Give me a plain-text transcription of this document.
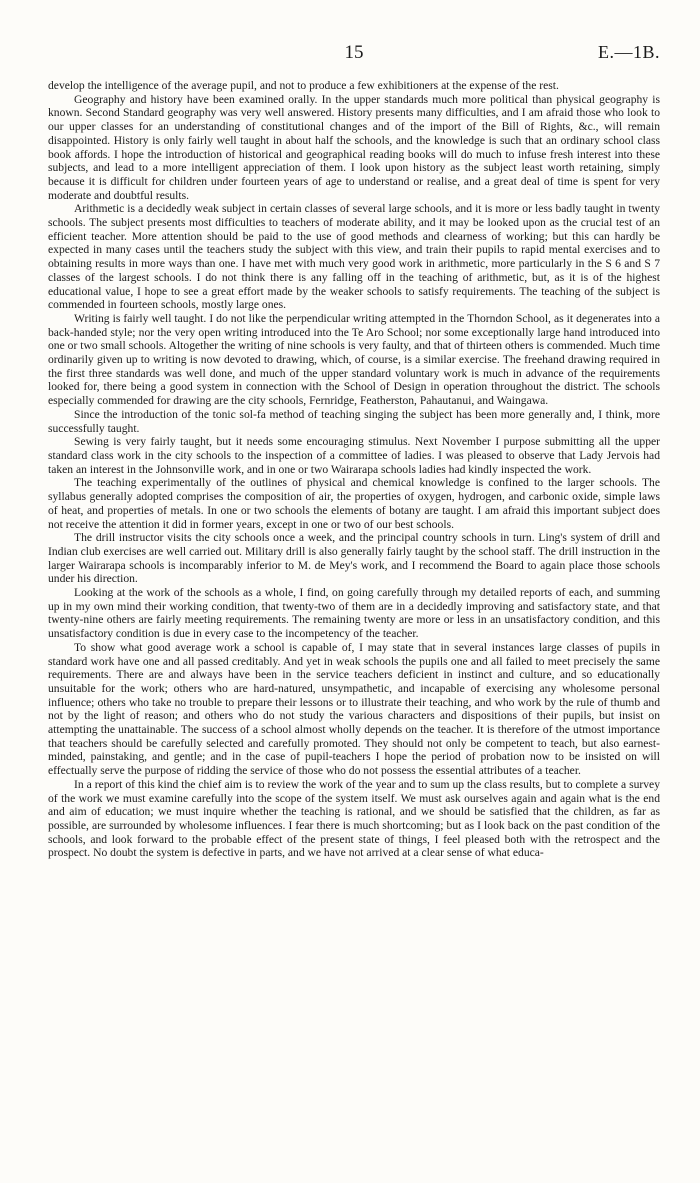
15	E.—1B.

develop the intelligence of the average pupil, and not to produce a few exhibitioners at the expense of the rest.

Geography and history have been examined orally. In the upper standards much more political than physical geography is known. Second Standard geography was very well answered. History presents many difficulties, and I am afraid those who look to our upper classes for an understanding of constitutional changes and of the import of the Bill of Rights, &c., will remain disappointed. History is only fairly well taught in about half the schools, and the knowledge is such that an ordinary school class book affords. I hope the introduction of historical and geographical reading books will do much to infuse fresh interest into these subjects, and lead to a more intelligent appreciation of them. I look upon history as the subject least worth retaining, simply because it is difficult for children under fourteen years of age to understand or realise, and a great deal of time is spent for very moderate and doubtful results.

Arithmetic is a decidedly weak subject in certain classes of several large schools, and it is more or less badly taught in twenty schools. The subject presents most difficulties to teachers of moderate ability, and it may be looked upon as the crucial test of an efficient teacher. More attention should be paid to the use of good methods and clearness of working; but this can hardly be expected in many cases until the teachers study the subject with this view, and train their pupils to rapid mental exercises and to obtaining results in more ways than one. I have met with much very good work in arithmetic, more particularly in the S 6 and S 7 classes of the largest schools. I do not think there is any falling off in the teaching of arithmetic, but, as it is of the highest educational value, I hope to see a great effort made by the weaker schools to satisfy requirements. The teaching of the subject is commended in fourteen schools, mostly large ones.

Writing is fairly well taught. I do not like the perpendicular writing attempted in the Thorndon School, as it degenerates into a back-handed style; nor the very open writing introduced into the Te Aro School; nor some exceptionally large hand introduced into one or two small schools. Altogether the writing of nine schools is very faulty, and that of thirteen others is commended. Much time ordinarily given up to writing is now devoted to drawing, which, of course, is a similar exercise. The freehand drawing required in the first three standards was well done, and much of the upper standard voluntary work is much in advance of the requirements looked for, there being a good system in connection with the School of Design in operation throughout the district. The schools especially commended for drawing are the city schools, Fernridge, Featherston, Pahautanui, and Waingawa.

Since the introduction of the tonic sol-fa method of teaching singing the subject has been more generally and, I think, more successfully taught.

Sewing is very fairly taught, but it needs some encouraging stimulus. Next November I purpose submitting all the upper standard class work in the city schools to the inspection of a committee of ladies. I was pleased to observe that Lady Jervois had taken an interest in the Johnsonville work, and in one or two Wairarapa schools ladies had kindly inspected the work.

The teaching experimentally of the outlines of physical and chemical knowledge is confined to the larger schools. The syllabus generally adopted comprises the composition of air, the properties of oxygen, hydrogen, and carbonic oxide, simple laws of heat, and properties of metals. In one or two schools the elements of botany are taught. I am afraid this important subject does not receive the attention it did in former years, except in one or two of our best schools.

The drill instructor visits the city schools once a week, and the principal country schools in turn. Ling's system of drill and Indian club exercises are well carried out. Military drill is also generally fairly taught by the school staff. The drill instruction in the larger Wairarapa schools is incomparably inferior to M. de Mey's work, and I recommend the Board to again place those schools under his direction.

Looking at the work of the schools as a whole, I find, on going carefully through my detailed reports of each, and summing up in my own mind their working condition, that twenty-two of them are in a decidedly improving and satisfactory state, and that twenty-nine others are fairly meeting requirements. The remaining twenty are more or less in an unsatisfactory condition, and this unsatisfactory condition is due in every case to the incompetency of the teacher.

To show what good average work a school is capable of, I may state that in several instances large classes of pupils in standard work have one and all passed creditably. And yet in weak schools the pupils one and all failed to meet precisely the same requirements. There are and always have been in the service teachers deficient in instinct and culture, and so educationally unsuitable for the work; others who are hard-natured, unsympathetic, and incapable of exercising any wholesome personal influence; others who take no trouble to prepare their lessons or to illustrate their teaching, and who work by the rule of thumb and not by the light of reason; and others who do not study the various characters and dispositions of their pupils, but insist on attempting the unattainable. The success of a school almost wholly depends on the teacher. It is therefore of the utmost importance that teachers should be carefully selected and carefully promoted. They should not only be competent to teach, but also earnest-minded, painstaking, and gentle; and in the case of pupil-teachers I hope the period of probation now to be insisted on will effectually serve the purpose of ridding the service of those who do not possess the essential attributes of a teacher.

In a report of this kind the chief aim is to review the work of the year and to sum up the class results, but to complete a survey of the work we must examine carefully into the scope of the system itself. We must ask ourselves again and again what is the end and aim of education; we must inquire whether the teaching is rational, and we should be satisfied that the children, as far as possible, are surrounded by wholesome influences. I fear there is much shortcoming; but as I look back on the past condition of the schools, and look forward to the probable effect of the present state of things, I feel pleased both with the retrospect and the prospect. No doubt the system is defective in parts, and we have not arrived at a clear sense of what educa-
